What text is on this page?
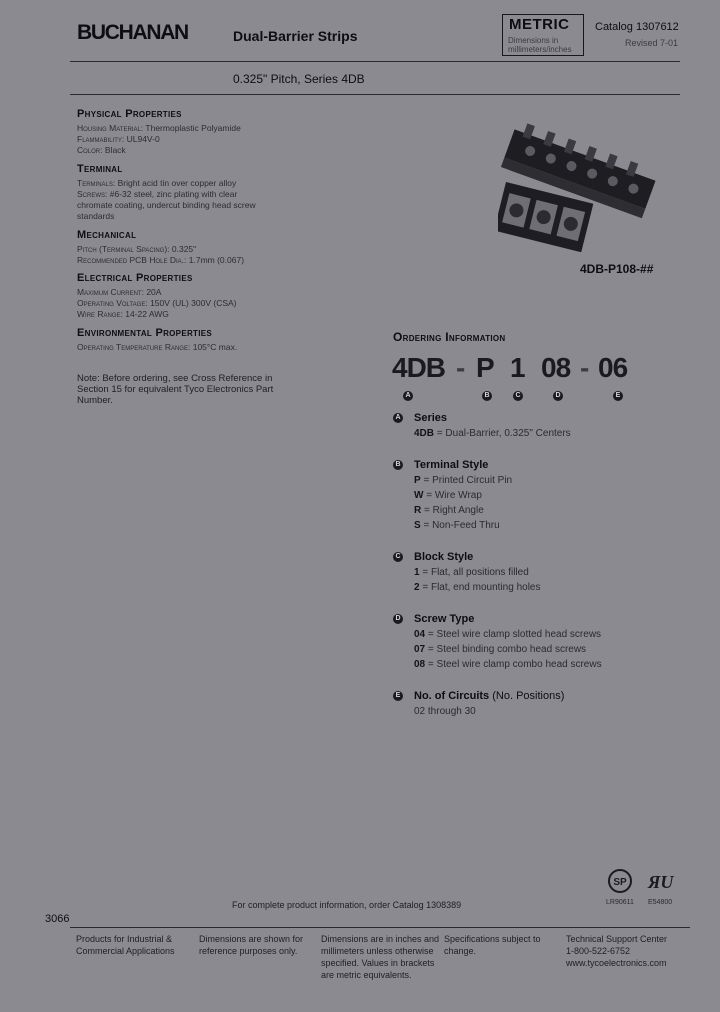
BUCHANAN	Dual-Barrier Strips
METRIC
Dimensions in
millimeters/inches
Catalog 1307612
Revised 7-01
0.325" Pitch, Series 4DB
Physical Properties
Housing Material: Thermoplastic Polyamide
Flammability: UL94V-0
Color: Black
Terminal
Terminals: Bright acid tin over copper alloy
Screws: #6-32 steel, zinc plating with clear
chromate coating, undercut binding head screw
standards
Mechanical
Pitch (Terminal Spacing): 0.325"
Recommended PCB Hole Dia.: 1.7mm (0.067)
Electrical Properties
Maximum Current: 20A
Operating Voltage: 150V (UL) 300V (CSA)
Wire Range: 14-22 AWG
Environmental Properties
Operating Temperature Range: 105°C max.
Note: Before ordering, see Cross Reference in Section 15 for equivalent Tyco Electronics Part Number.
4DB-P108-##
Ordering Information
4DB - P 1 08 - 06
A	B	C	D	E
A Series
4DB = Dual-Barrier, 0.325" Centers
B Terminal Style
P = Printed Circuit Pin
W = Wire Wrap
R = Right Angle
S = Non-Feed Thru
C Block Style
1 = Flat, all positions filled
2 = Flat, end mounting holes
D Screw Type
04 = Steel wire clamp slotted head screws
07 = Steel binding combo head screws
08 = Steel wire clamp combo head screws
E No. of Circuits (No. Positions)
02 through 30
SP
LR90611
ЯU
E54800
For complete product information, order Catalog 1308389
3066
Products for Industrial &
Commercial Applications
Dimensions are shown for
reference purposes only.
Dimensions are in inches and
millimeters unless otherwise
specified. Values in brackets
are metric equivalents.
Specifications subject to
change.
Technical Support Center
1-800-522-6752
www.tycoelectronics.com
